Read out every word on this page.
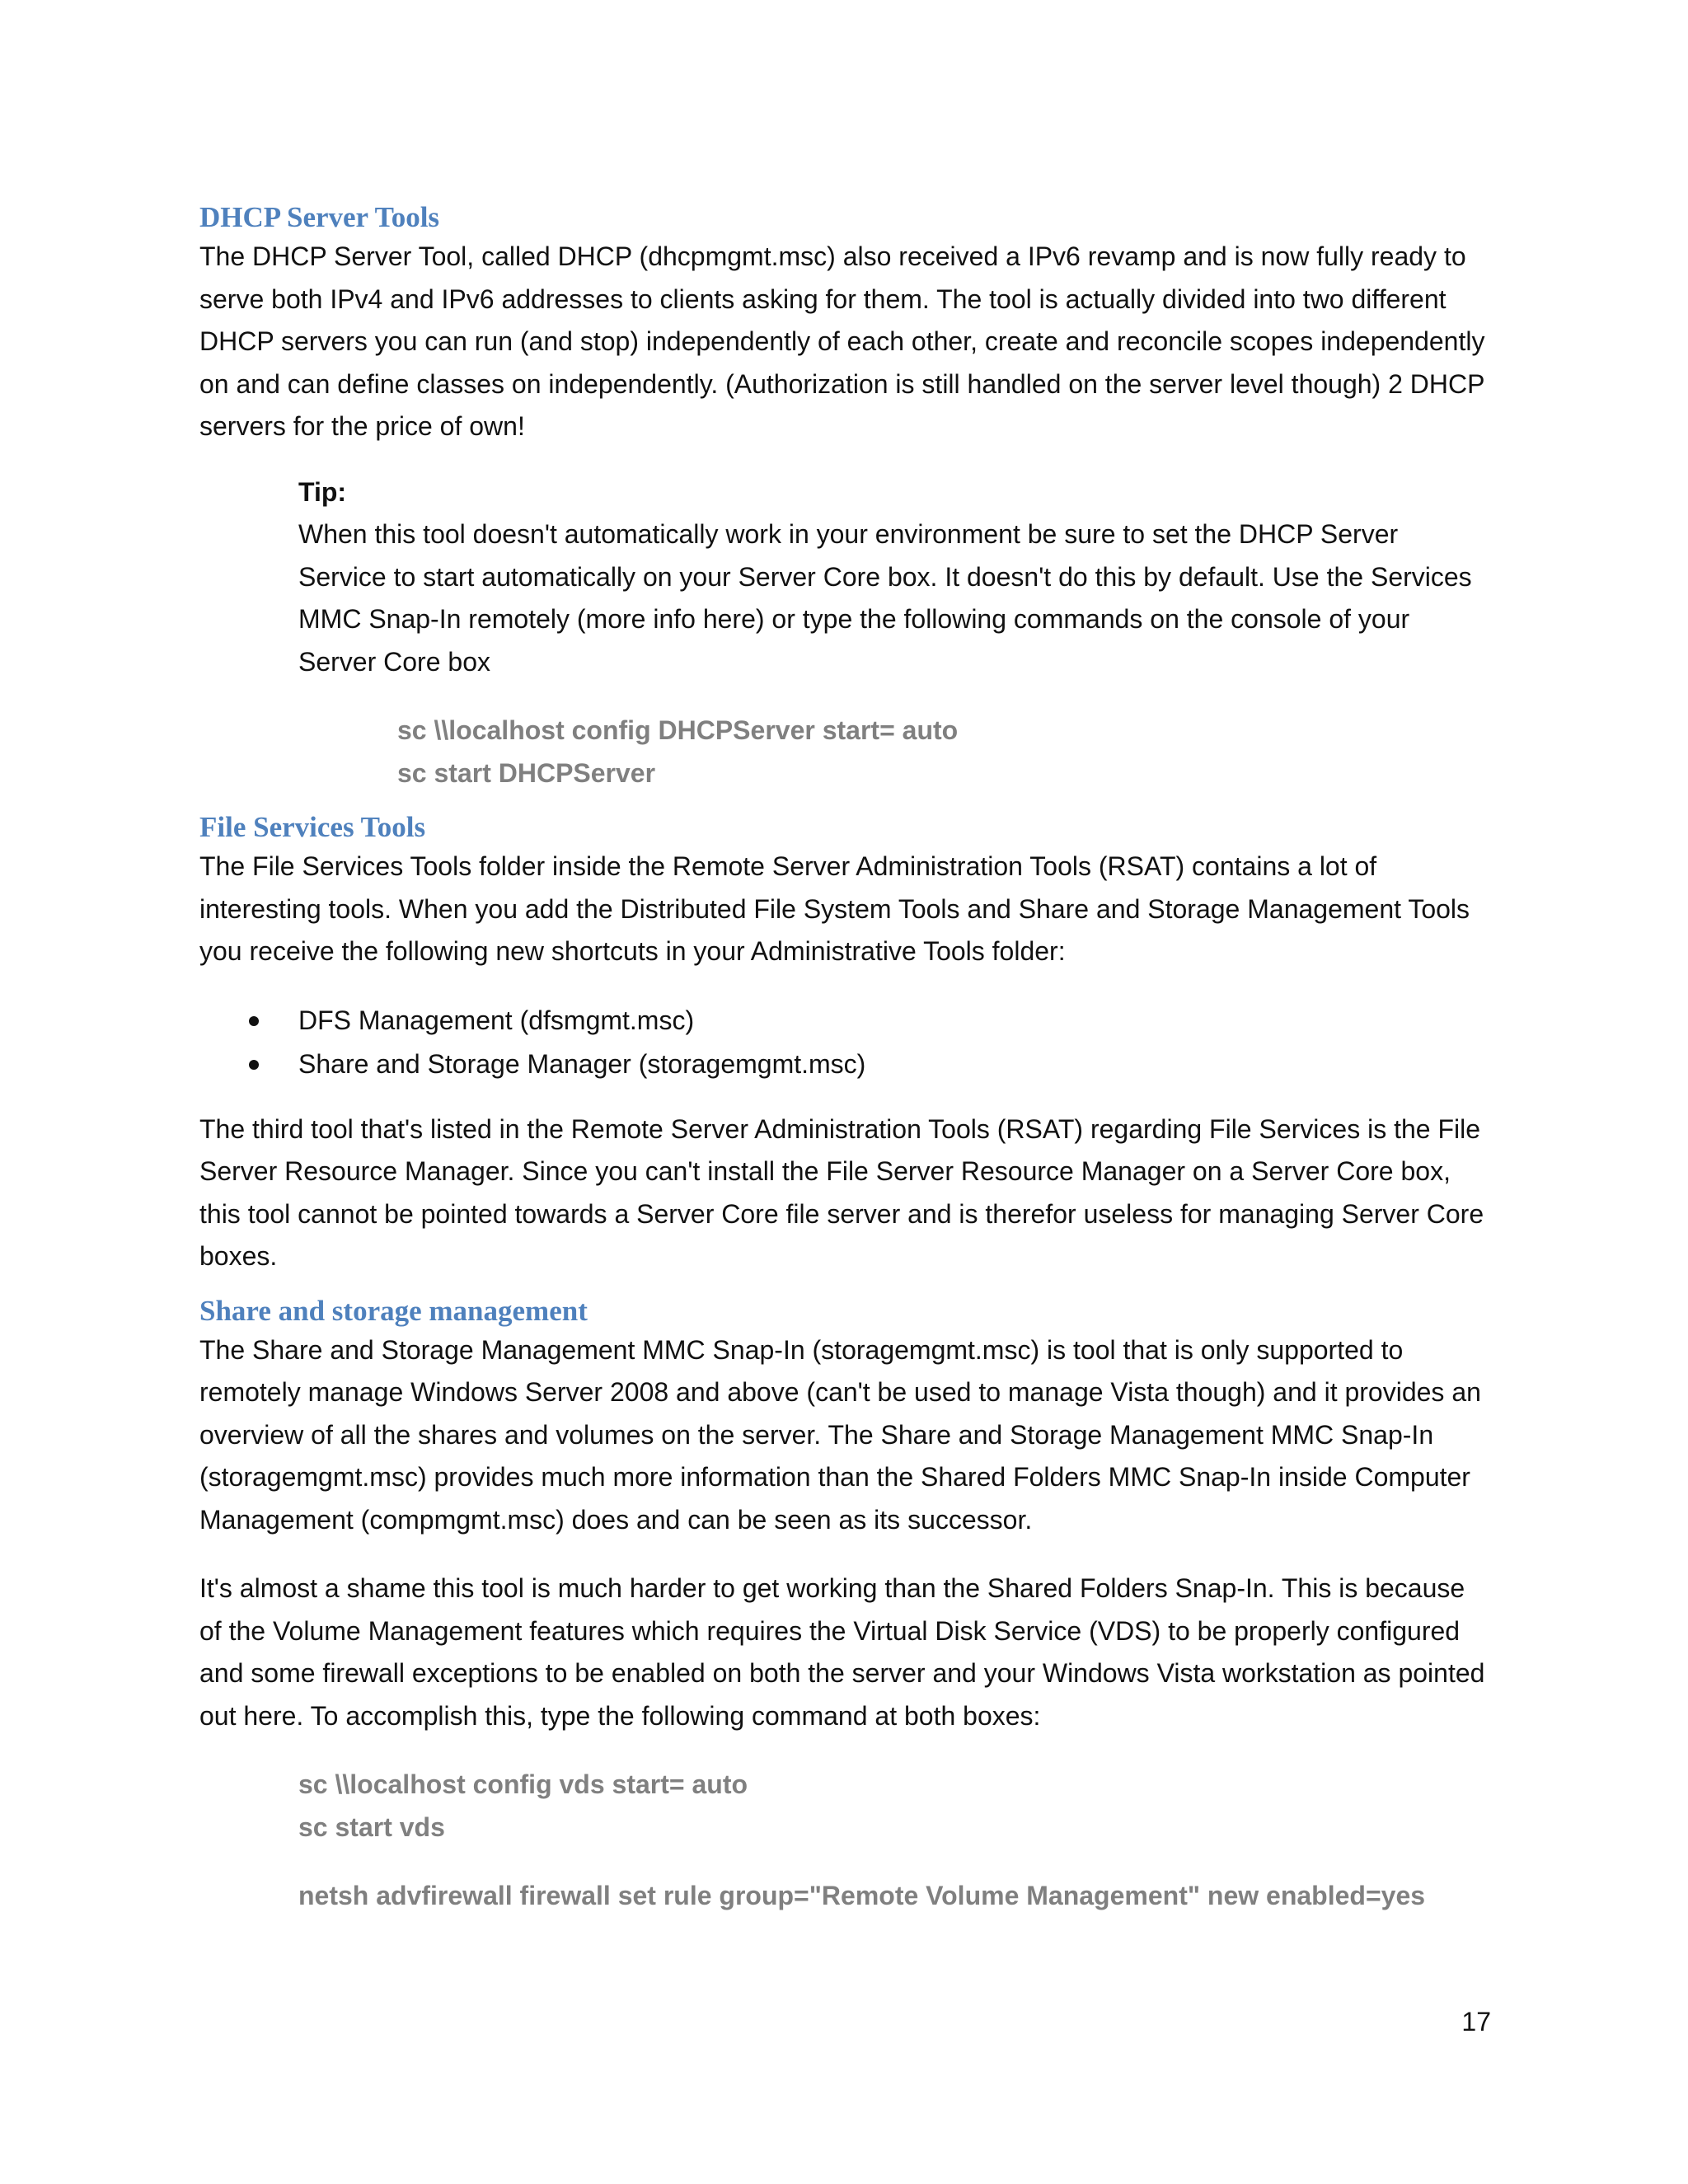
DHCP Server Tools

The DHCP Server Tool, called DHCP (dhcpmgmt.msc) also received a IPv6 revamp and is now fully ready to serve both IPv4 and IPv6 addresses to clients asking for them. The tool is actually divided into two different DHCP servers you can run (and stop) independently of each other, create and reconcile scopes independently on and can define classes on independently. (Authorization is still handled on the server level though) 2 DHCP servers for the price of own!

Tip:

When this tool doesn't automatically work in your environment be sure to set the DHCP Server Service to start automatically on your Server Core box. It doesn't do this by default. Use the Services MMC Snap-In remotely (more info here) or type the following commands on the console of your Server Core box

sc \\localhost config DHCPServer start= auto
sc start DHCPServer
File Services Tools

The File Services Tools folder inside the Remote Server Administration Tools (RSAT) contains a lot of interesting tools. When you add the Distributed File System Tools and Share and Storage Management Tools you receive the following new shortcuts in your Administrative Tools folder:

DFS Management (dfsmgmt.msc)
Share and Storage Manager (storagemgmt.msc)

The third tool that's listed in the Remote Server Administration Tools (RSAT) regarding File Services is the File Server Resource Manager. Since you can't install the File Server Resource Manager on a Server Core box, this tool cannot be pointed towards a Server Core file server and is therefor useless for managing Server Core boxes.

Share and storage management

The Share and Storage Management MMC Snap-In (storagemgmt.msc) is tool that is only supported to remotely manage Windows Server 2008 and above (can't be used to manage Vista though) and it provides an overview of all the shares and volumes on the server. The Share and Storage Management MMC Snap-In (storagemgmt.msc) provides much more information than the Shared Folders MMC Snap-In inside Computer Management (compmgmt.msc) does and can be seen as its successor.

It's almost a shame this tool is much harder to get working than the Shared Folders Snap-In. This is because of the Volume Management features which requires the Virtual Disk Service (VDS) to be properly configured and some firewall exceptions to be enabled on both the server and your Windows Vista workstation as pointed out here. To accomplish this, type the following command at both boxes:

sc \\localhost config vds start= auto
sc start vds
netsh advfirewall firewall set rule group="Remote Volume Management" new enabled=yes
17
